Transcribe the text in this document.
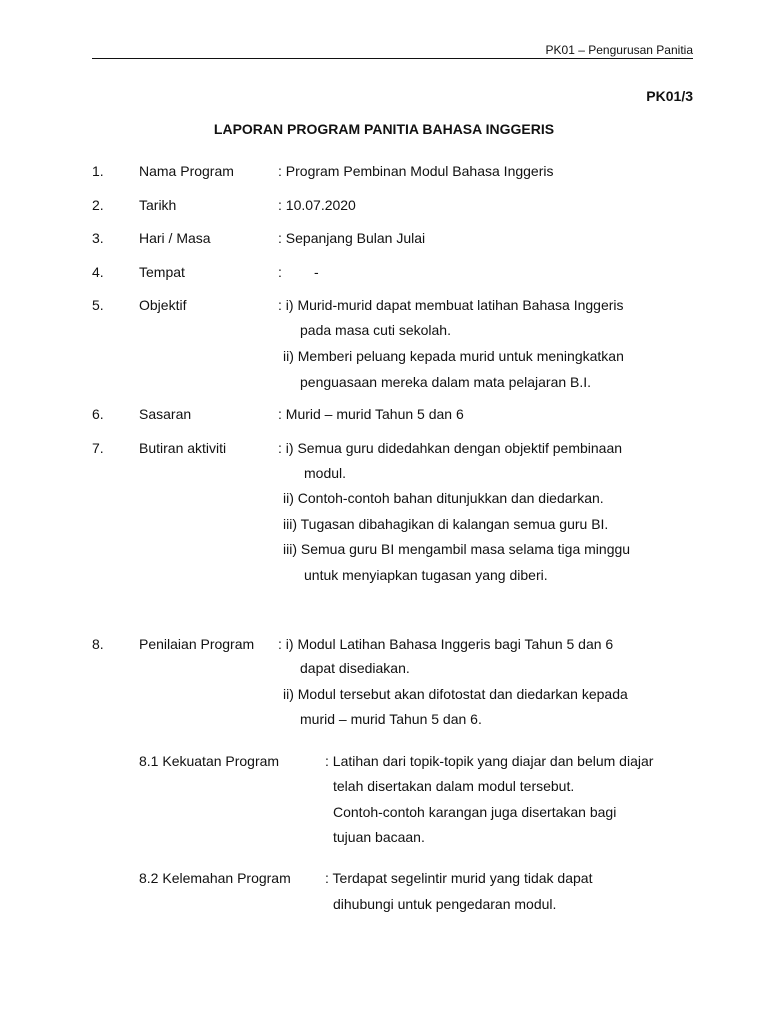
PK01 – Pengurusan Panitia
PK01/3
LAPORAN PROGRAM PANITIA BAHASA INGGERIS
1.	Nama Program	: Program Pembinan Modul Bahasa Inggeris
2.	Tarikh	: 10.07.2020
3.	Hari / Masa	: Sepanjang Bulan Julai
4.	Tempat	: -
5.	Objektif	: i) Murid-murid dapat membuat latihan Bahasa Inggeris
pada masa cuti sekolah.
ii) Memberi peluang kepada murid untuk meningkatkan
penguasaan mereka dalam mata pelajaran B.I.
6.	Sasaran	: Murid – murid Tahun 5 dan 6
7.	Butiran aktiviti	: i) Semua guru didedahkan dengan objektif pembinaan
modul.
ii) Contoh-contoh bahan ditunjukkan dan diedarkan.
iii) Tugasan dibahagikan di kalangan semua guru BI.
iii) Semua guru BI mengambil masa selama tiga minggu
untuk menyiapkan tugasan yang diberi.
8.	Penilaian Program : i) Modul Latihan Bahasa Inggeris bagi Tahun 5 dan 6
dapat disediakan.
ii) Modul tersebut akan difotostat dan diedarkan kepada
murid – murid Tahun 5 dan 6.
8.1 Kekuatan Program	: Latihan dari topik-topik yang diajar dan belum diajar
telah disertakan dalam modul tersebut.
Contoh-contoh karangan juga disertakan bagi
tujuan bacaan.
8.2 Kelemahan Program : Terdapat segelintir murid yang tidak dapat
dihubungi untuk pengedaran modul.
